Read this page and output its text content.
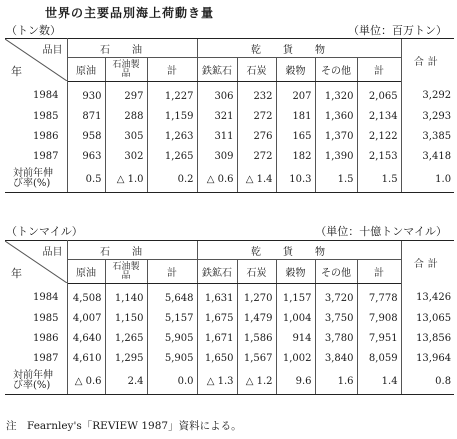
世界の主要品別海上荷動き量
（トン数）	（単位：百万トン）
品目
年	石油			乾貨物					合計
	原油	石油製品	計	鉄鉱石	石炭	穀物	その他	計	
1984	930	297	1,227	306	232	207	1,320	2,065	3,292
1985	871	288	1,159	321	272	181	1,360	2,134	3,293
1986	958	305	1,263	311	276	165	1,370	2,122	3,385
1987	963	302	1,265	309	272	182	1,390	2,153	3,418
対前年伸び率(%)	0.5	△ 1.0	0.2	△ 0.6	△ 1.4	10.3	1.5	1.5	1.0
（トンマイル）	（単位：十億トンマイル）
品目
年	石油			乾貨物					合計
	原油	石油製品	計	鉄鉱石	石炭	穀物	その他	計	
1984	4,508	1,140	5,648	1,631	1,270	1,157	3,720	7,778	13,426
1985	4,007	1,150	5,157	1,675	1,479	1,004	3,750	7,908	13,065
1986	4,640	1,265	5,905	1,671	1,586	914	3,780	7,951	13,856
1987	4,610	1,295	5,905	1,650	1,567	1,002	3,840	8,059	13,964
対前年伸び率(%)	△ 0.6	2.4	0.0	△ 1.3	△ 1.2	9.6	1.6	1.4	0.8
注　Fearnley's「REVIEW 1987」資料による。
